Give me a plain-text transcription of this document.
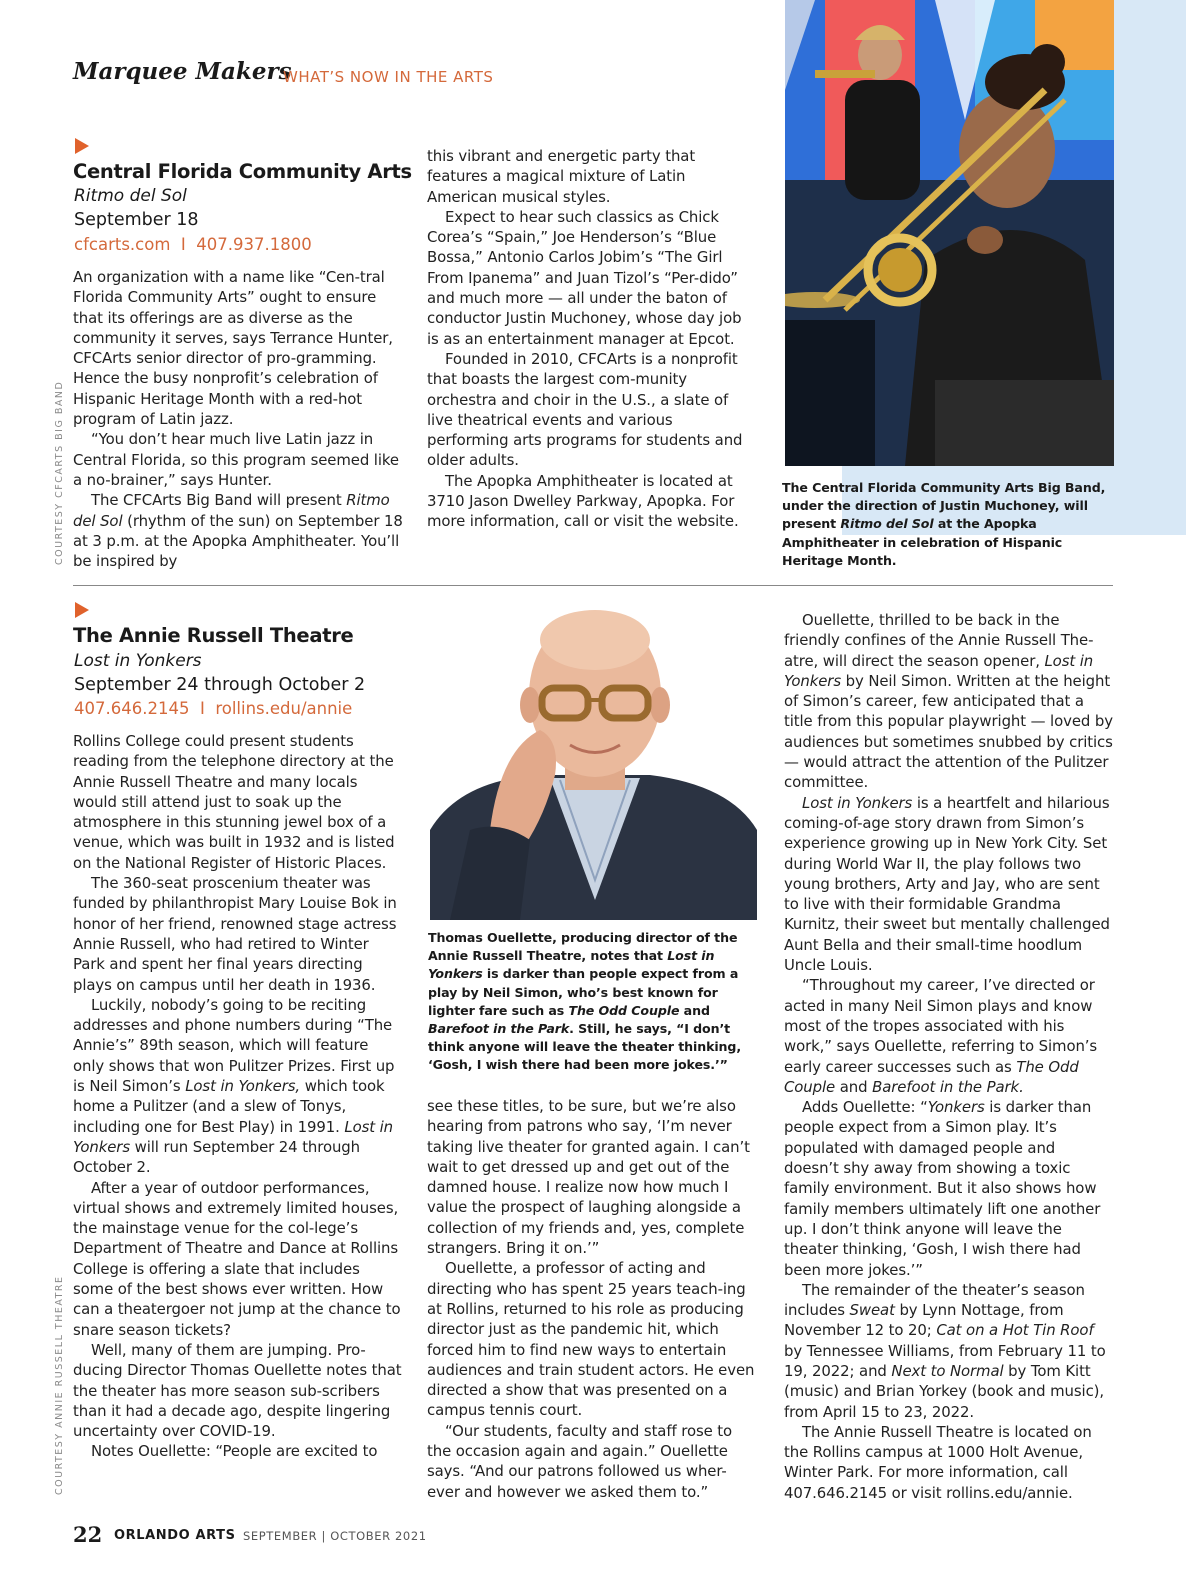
Marquee Makers
WHAT’S NOW IN THE ARTS
Central Florida Community Arts
Ritmo del Sol
September 18
cfcarts.com  I  407.937.1800

An organization with a name like “Cen-tral Florida Community Arts” ought to ensure that its offerings are as diverse as the community it serves, says Terrance Hunter, CFCArts senior director of pro-gramming. Hence the busy nonprofit’s celebration of Hispanic Heritage Month with a red-hot program of Latin jazz.

“You don’t hear much live Latin jazz in Central Florida, so this program seemed like a no-brainer,” says Hunter.

The CFCArts Big Band will present Ritmo del Sol (rhythm of the sun) on September 18 at 3 p.m. at the Apopka Amphitheater. You’ll be inspired by

this vibrant and energetic party that features a magical mixture of Latin American musical styles.

Expect to hear such classics as Chick Corea’s “Spain,” Joe Henderson’s “Blue Bossa,” Antonio Carlos Jobim’s “The Girl From Ipanema” and Juan Tizol’s “Per-dido” and much more — all under the baton of conductor Justin Muchoney, whose day job is as an entertainment manager at Epcot.

Founded in 2010, CFCArts is a nonprofit that boasts the largest com-munity orchestra and choir in the U.S., a slate of live theatrical events and various performing arts programs for students and older adults.

The Apopka Amphitheater is located at 3710 Jason Dwelley Parkway, Apopka. For more information, call or visit the website.

The Central Florida Community Arts Big Band, under the direction of Justin Muchoney, will present Ritmo del Sol at the Apopka Amphitheater in celebration of Hispanic Heritage Month.
COURTESY CFCARTS BIG BAND
The Annie Russell Theatre
Lost in Yonkers
September 24 through October 2
407.646.2145  I  rollins.edu/annie

Rollins College could present students reading from the telephone directory at the Annie Russell Theatre and many locals would still attend just to soak up the atmosphere in this stunning jewel box of a venue, which was built in 1932 and is listed on the National Register of Historic Places.

The 360-seat proscenium theater was funded by philanthropist Mary Louise Bok in honor of her friend, renowned stage actress Annie Russell, who had retired to Winter Park and spent her final years directing plays on campus until her death in 1936.

Luckily, nobody’s going to be reciting addresses and phone numbers during “The Annie’s” 89th season, which will feature only shows that won Pulitzer Prizes. First up is Neil Simon’s Lost in Yonkers, which took home a Pulitzer (and a slew of Tonys, including one for Best Play) in 1991. Lost in Yonkers will run September 24 through October 2.

After a year of outdoor performances, virtual shows and extremely limited houses, the mainstage venue for the col-lege’s Department of Theatre and Dance at Rollins College is offering a slate that includes some of the best shows ever written. How can a theatergoer not jump at the chance to snare season tickets?

Well, many of them are jumping. Pro-ducing Director Thomas Ouellette notes that the theater has more season sub-scribers than it had a decade ago, despite lingering uncertainty over COVID-19.

Notes Ouellette: “People are excited to

Thomas Ouellette, producing director of the Annie Russell Theatre, notes that Lost in Yonkers is darker than people expect from a play by Neil Simon, who’s best known for lighter fare such as The Odd Couple and Barefoot in the Park. Still, he says, “I don’t think anyone will leave the theater thinking, ‘Gosh, I wish there had been more jokes.’”

see these titles, to be sure, but we’re also hearing from patrons who say, ‘I’m never taking live theater for granted again. I can’t wait to get dressed up and get out of the damned house. I realize now how much I value the prospect of laughing alongside a collection of my friends and, yes, complete strangers. Bring it on.’”

Ouellette, a professor of acting and directing who has spent 25 years teach-ing at Rollins, returned to his role as producing director just as the pandemic hit, which forced him to find new ways to entertain audiences and train student actors. He even directed a show that was presented on a campus tennis court.

“Our students, faculty and staff rose to the occasion again and again.” Ouellette says. “And our patrons followed us wher-ever and however we asked them to.”

Ouellette, thrilled to be back in the friendly confines of the Annie Russell The-atre, will direct the season opener, Lost in Yonkers by Neil Simon. Written at the height of Simon’s career, few anticipated that a title from this popular playwright — loved by audiences but sometimes snubbed by critics — would attract the attention of the Pulitzer committee.

Lost in Yonkers is a heartfelt and hilarious coming-of-age story drawn from Simon’s experience growing up in New York City. Set during World War II, the play follows two young brothers, Arty and Jay, who are sent to live with their formidable Grandma Kurnitz, their sweet but mentally challenged Aunt Bella and their small-time hoodlum Uncle Louis.

“Throughout my career, I’ve directed or acted in many Neil Simon plays and know most of the tropes associated with his work,” says Ouellette, referring to Simon’s early career successes such as The Odd Couple and Barefoot in the Park.

Adds Ouellette: “Yonkers is darker than people expect from a Simon play. It’s populated with damaged people and doesn’t shy away from showing a toxic family environment. But it also shows how family members ultimately lift one another up. I don’t think anyone will leave the theater thinking, ‘Gosh, I wish there had been more jokes.’”

The remainder of the theater’s season includes Sweat by Lynn Nottage, from November 12 to 20; Cat on a Hot Tin Roof by Tennessee Williams, from February 11 to 19, 2022; and Next to Normal by Tom Kitt (music) and Brian Yorkey (book and music), from April 15 to 23, 2022.

The Annie Russell Theatre is located on the Rollins campus at 1000 Holt Avenue, Winter Park. For more information, call 407.646.2145 or visit rollins.edu/annie.

COURTESY ANNIE RUSSELL THEATRE
22 ORLANDO ARTS SEPTEMBER | OCTOBER 2021
